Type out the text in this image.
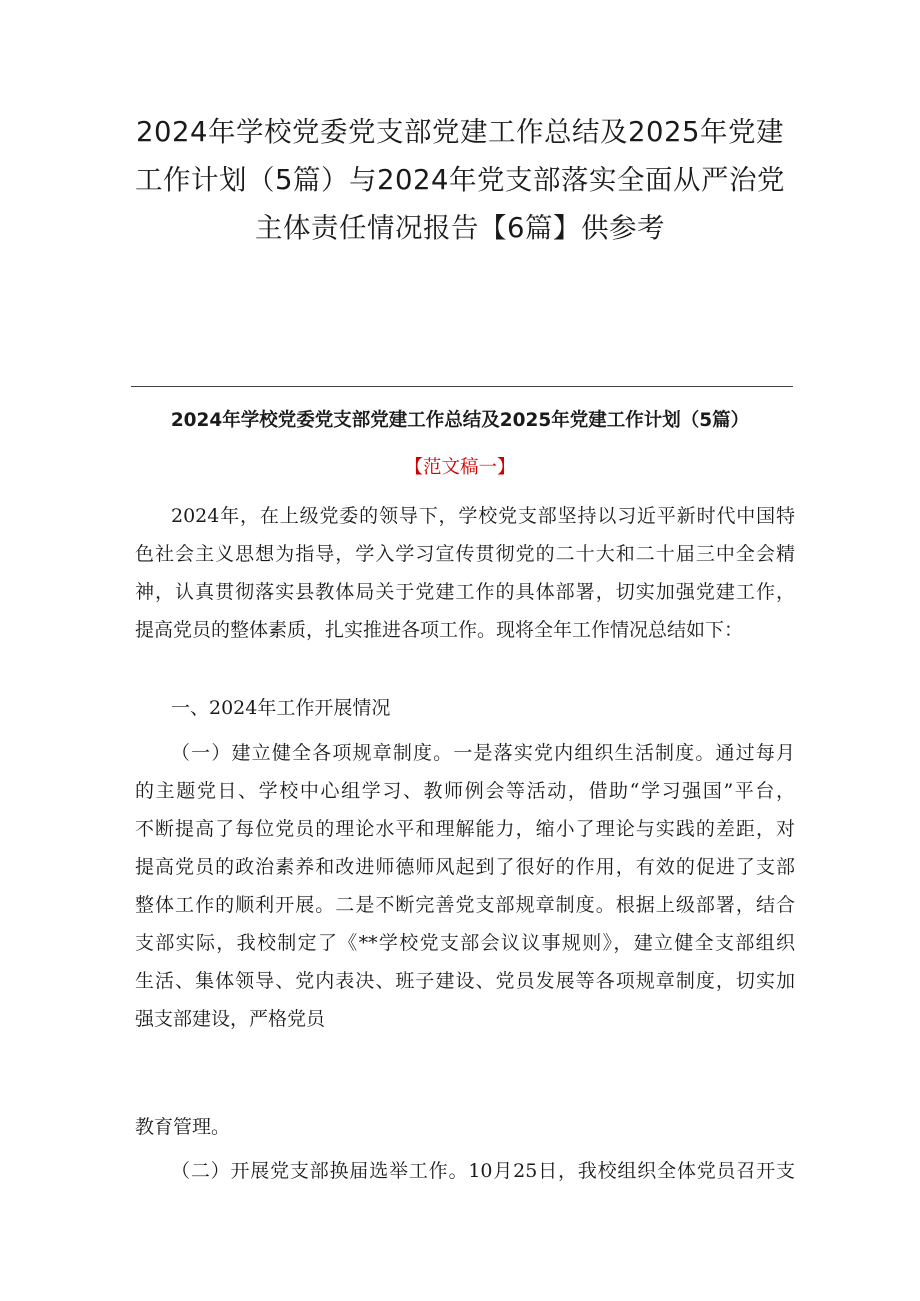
2024年学校党委党支部党建工作总结及2025年党建
工作计划（5篇）与2024年党支部落实全面从严治党
主体责任情况报告【6篇】供参考
2024年学校党委党支部党建工作总结及2025年党建工作计划（5篇）
【范文稿一】
2024年，在上级党委的领导下，学校党支部坚持以习近平新时代中国特
色社会主义思想为指导，学入学习宣传贯彻党的二十大和二十届三中全会精
神，认真贯彻落实县教体局关于党建工作的具体部署，切实加强党建工作，
提高党员的整体素质，扎实推进各项工作。现将全年工作情况总结如下：
一、2024年工作开展情况
（一）建立健全各项规章制度。一是落实党内组织生活制度。通过每月
的主题党日、学校中心组学习、教师例会等活动，借助“学习强国”平台，
不断提高了每位党员的理论水平和理解能力，缩小了理论与实践的差距，对
提高党员的政治素养和改进师德师风起到了很好的作用，有效的促进了支部
整体工作的顺利开展。二是不断完善党支部规章制度。根据上级部署，结合
支部实际，我校制定了《**学校党支部会议议事规则》，建立健全支部组织
生活、集体领导、党内表决、班子建设、党员发展等各项规章制度，切实加
强支部建设，严格党员
教育管理。
（二）开展党支部换届选举工作。10月25日，我校组织全体党员召开支
